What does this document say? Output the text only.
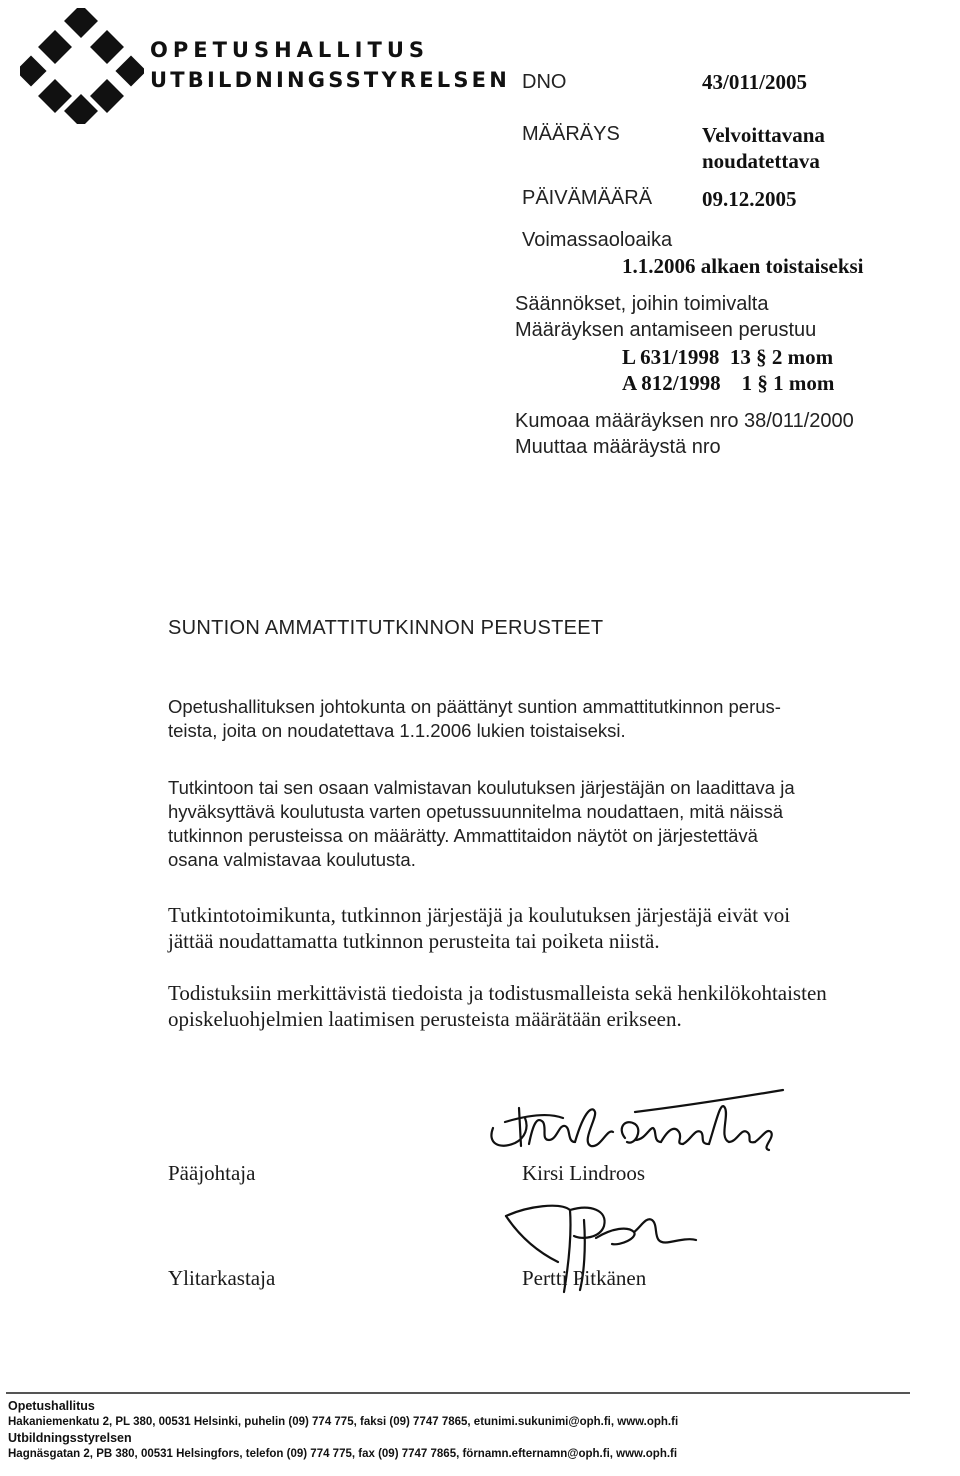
OPETUSHALLITUS
UTBILDNINGSSTYRELSEN DNO	43/011/2005
MÄÄRÄYS	Velvoittavana
noudatettava
PÄIVÄMÄÄRÄ 09.12.2005
Voimassaoloaika
1.1.2006 alkaen toistaiseksi
Säännökset, joihin toimivalta
Määräyksen antamiseen perustuu
L 631/1998  13 § 2 mom
A 812/1998    1 § 1 mom
Kumoaa määräyksen nro 38/011/2000
Muuttaa määräystä nro
SUNTION AMMATTITUTKINNON PERUSTEET
Opetushallituksen johtokunta on päättänyt suntion ammattitutkinnon perus-
teista, joita on noudatettava 1.1.2006 lukien toistaiseksi.
Tutkintoon tai sen osaan valmistavan koulutuksen järjestäjän on laadittava ja
hyväksyttävä koulutusta varten opetussuunnitelma noudattaen, mitä näissä
tutkinnon perusteissa on määrätty. Ammattitaidon näytöt on järjestettävä
osana valmistavaa koulutusta.
Tutkintotoimikunta, tutkinnon järjestäjä ja koulutuksen järjestäjä eivät voi
jättää noudattamatta tutkinnon perusteita tai poiketa niistä.
Todistuksiin merkittävistä tiedoista ja todistusmalleista sekä henkilökohtaisten
opiskeluohjelmien laatimisen perusteista määrätään erikseen.
Pääjohtaja	Kirsi Lindroos
Ylitarkastaja	Pertti Pitkänen
Opetushallitus
Hakaniemenkatu 2, PL 380, 00531 Helsinki, puhelin (09) 774 775, faksi (09) 7747 7865, etunimi.sukunimi@oph.fi, www.oph.fi
Utbildningsstyrelsen
Hagnäsgatan 2, PB 380, 00531 Helsingfors, telefon (09) 774 775, fax (09) 7747 7865, förnamn.efternamn@oph.fi, www.oph.fi
